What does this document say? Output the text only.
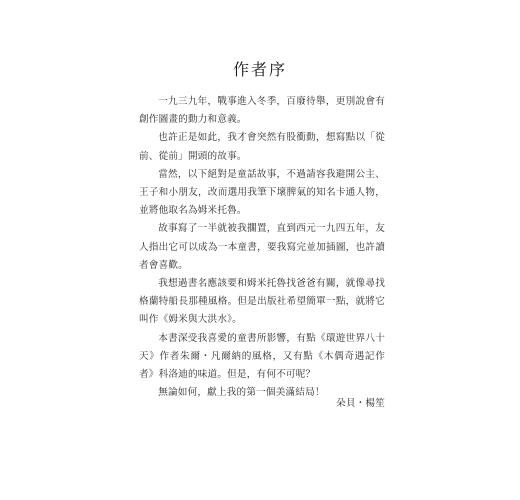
作者序

一九三九年，戰事進入冬季，百廢待舉，更別說會有創作圖畫的動力和意義。

也許正是如此，我才會突然有股衝動，想寫點以「從前、從前」開頭的故事。

當然，以下絕對是童話故事，不過請容我避開公主、王子和小朋友，改而選用我筆下壞脾氣的知名卡通人物，並將他取名為姆米托魯。

故事寫了一半就被我擱置，直到西元一九四五年，友人指出它可以成為一本童書，要我寫完並加插圖，也許讀者會喜歡。

我想過書名應該要和姆米托魯找爸爸有關，就像尋找格蘭特船長那種風格。但是出版社希望簡單一點，就將它叫作《姆米與大洪水》。

本書深受我喜愛的童書所影響，有點《環遊世界八十天》作者朱爾・凡爾納的風格，又有點《木偶奇遇記作者》科洛迪的味道。但是，有何不可呢？

無論如何，獻上我的第一個美滿結局！

朵貝・楊笙
